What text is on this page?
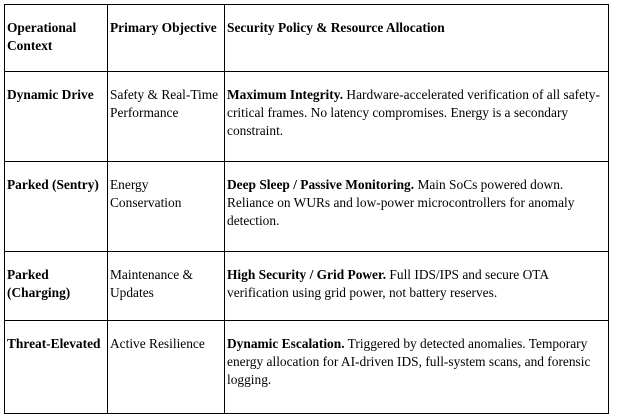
Operational Context	Primary Objective	Security Policy & Resource Allocation
Dynamic Drive	Safety & Real-Time Performance	Maximum Integrity. Hardware-accelerated verification of all safety-critical frames. No latency compromises. Energy is a secondary constraint.
Parked (Sentry)	Energy Conservation	Deep Sleep / Passive Monitoring. Main SoCs powered down. Reliance on WURs and low-power microcontrollers for anomaly detection.
Parked (Charging)	Maintenance & Updates	High Security / Grid Power. Full IDS/IPS and secure OTA verification using grid power, not battery reserves.
Threat-Elevated	Active Resilience	Dynamic Escalation. Triggered by detected anomalies. Temporary energy allocation for AI-driven IDS, full-system scans, and forensic logging.
